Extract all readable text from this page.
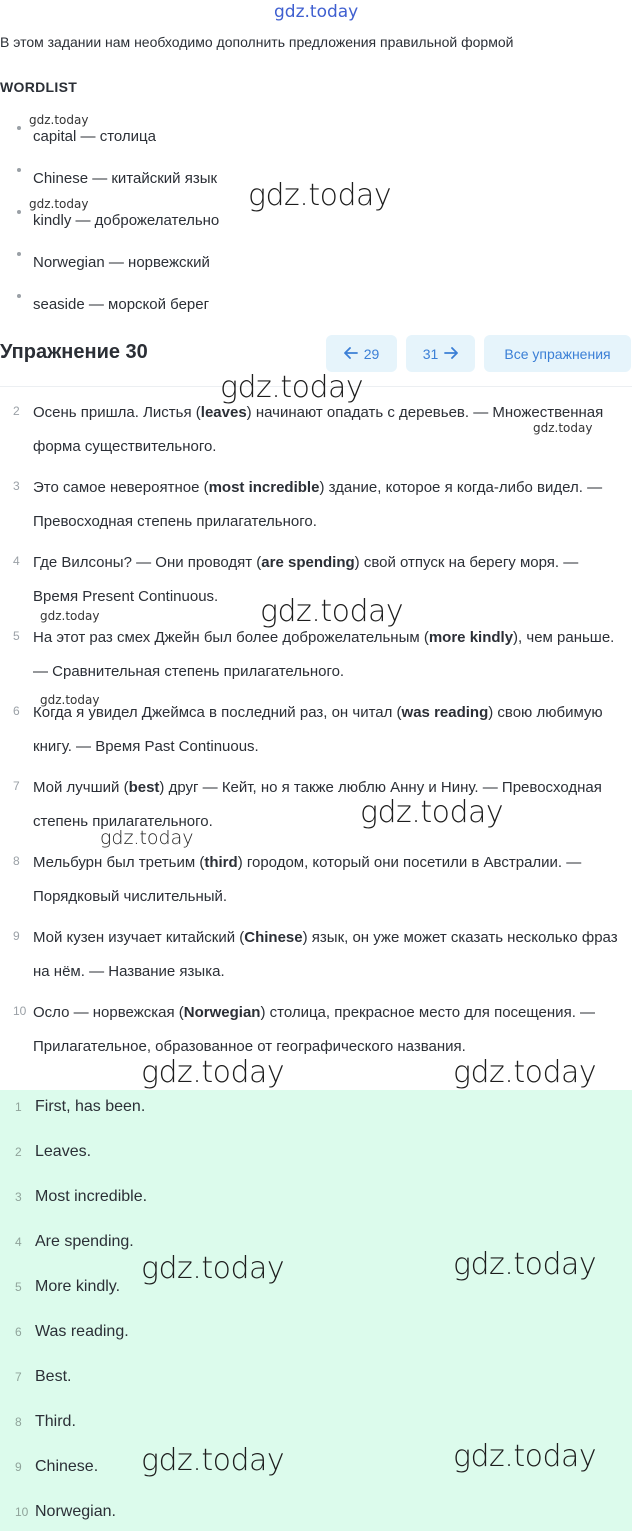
gdz.today
В этом задании нам необходимо дополнить предложения правильной формой
WORDLIST
capital — столица
Chinese — китайский язык
kindly — доброжелательно
Norwegian — норвежский
seaside — морской берег
Упражнение 30	29	31	Все упражнения
2 Осень пришла. Листья (leaves) начинают опадать с деревьев. — Множественная форма существительного.
3 Это самое невероятное (most incredible) здание, которое я когда-либо видел. — Превосходная степень прилагательного.
4 Где Вилсоны? — Они проводят (are spending) свой отпуск на берегу моря. — Время Present Continuous.
5 На этот раз смех Джейн был более доброжелательным (more kindly), чем раньше. — Сравнительная степень прилагательного.
6 Когда я увидел Джеймса в последний раз, он читал (was reading) свою любимую книгу. — Время Past Continuous.
7 Мой лучший (best) друг — Кейт, но я также люблю Анну и Нину. — Превосходная степень прилагательного.
8 Мельбурн был третьим (third) городом, который они посетили в Австралии. — Порядковый числительный.
9 Мой кузен изучает китайский (Chinese) язык, он уже может сказать несколько фраз на нём. — Название языка.
10 Осло — норвежская (Norwegian) столица, прекрасное место для посещения. — Прилагательное, образованное от географического названия.
1 First, has been.
2 Leaves.
3 Most incredible.
4 Are spending.
5 More kindly.
6 Was reading.
7 Best.
8 Third.
9 Chinese.
10 Norwegian.
gdz.today
gdz.today	gdz.today
gdz.today
gdz.today
gdz.today
gdz.today
gdz.today
gdz.today
gdz.today
gdz.today	gdz.today
gdz.today	gdz.today
gdz.today	gdz.today
